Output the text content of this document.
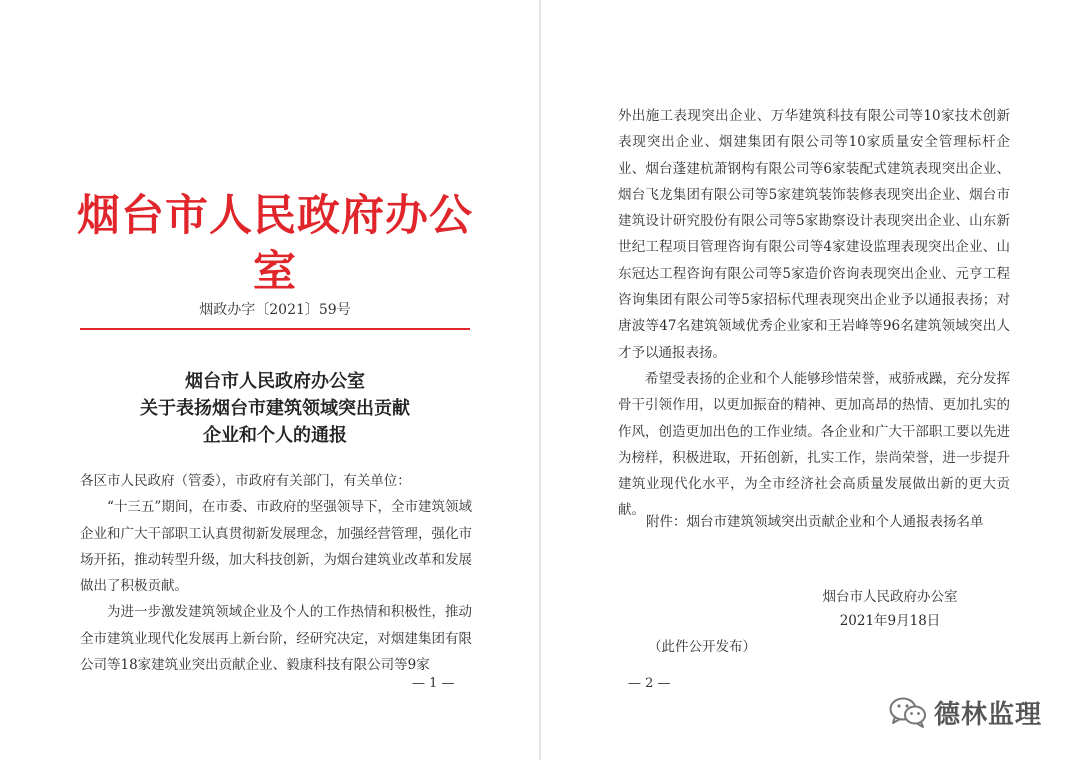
烟台市人民政府办公室
烟政办字〔2021〕59号
烟台市人民政府办公室
关于表扬烟台市建筑领域突出贡献
企业和个人的通报

各区市人民政府（管委），市政府有关部门，有关单位：

“十三五”期间，在市委、市政府的坚强领导下，全市建筑领域企业和广大干部职工认真贯彻新发展理念，加强经营管理，强化市场开拓，推动转型升级，加大科技创新，为烟台建筑业改革和发展做出了积极贡献。

为进一步激发建筑领域企业及个人的工作热情和积极性，推动全市建筑业现代化发展再上新台阶，经研究决定，对烟建集团有限公司等18家建筑业突出贡献企业、毅康科技有限公司等9家

— 1 —

外出施工表现突出企业、万华建筑科技有限公司等10家技术创新表现突出企业、烟建集团有限公司等10家质量安全管理标杆企业、烟台蓬建杭萧钢构有限公司等6家装配式建筑表现突出企业、烟台飞龙集团有限公司等5家建筑装饰装修表现突出企业、烟台市建筑设计研究股份有限公司等5家勘察设计表现突出企业、山东新世纪工程项目管理咨询有限公司等4家建设监理表现突出企业、山东冠达工程咨询有限公司等5家造价咨询表现突出企业、元亨工程咨询集团有限公司等5家招标代理表现突出企业予以通报表扬；对唐波等47名建筑领域优秀企业家和王岩峰等96名建筑领域突出人才予以通报表扬。

希望受表扬的企业和个人能够珍惜荣誉，戒骄戒躁，充分发挥骨干引领作用，以更加振奋的精神、更加高昂的热情、更加扎实的作风，创造更加出色的工作业绩。各企业和广大干部职工要以先进为榜样，积极进取，开拓创新，扎实工作，崇尚荣誉，进一步提升建筑业现代化水平，为全市经济社会高质量发展做出新的更大贡献。

附件：烟台市建筑领域突出贡献企业和个人通报表扬名单
烟台市人民政府办公室
2021年9月18日
（此件公开发布）
— 2 —
德林监理
